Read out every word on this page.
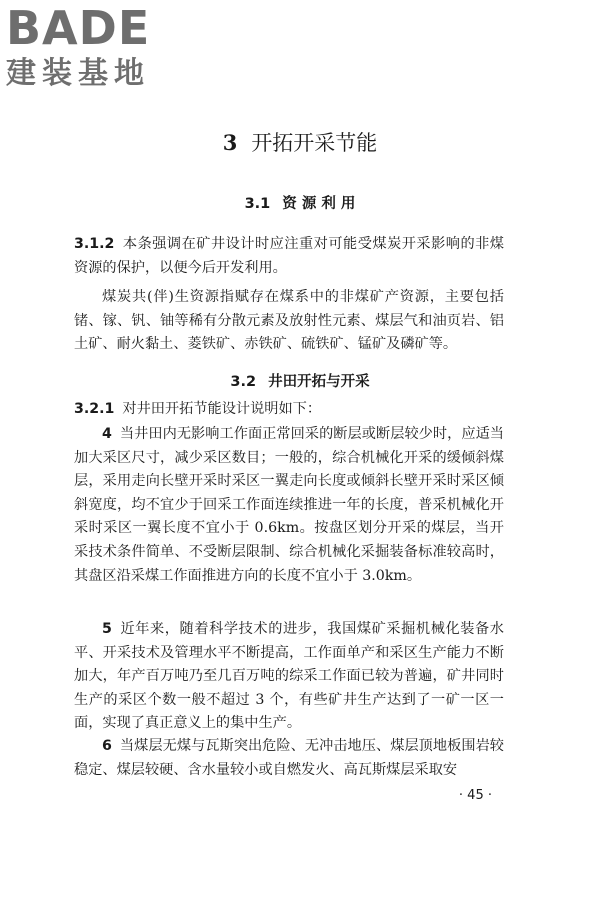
BADE
建装基地
3 开拓开采节能
3.1 资 源 利 用

3.1.2 本条强调在矿井设计时应注重对可能受煤炭开采影响的非煤资源的保护，以便今后开发利用。

煤炭共(伴)生资源指赋存在煤系中的非煤矿产资源，主要包括锗、镓、钒、铀等稀有分散元素及放射性元素、煤层气和油页岩、铝土矿、耐火黏土、菱铁矿、赤铁矿、硫铁矿、锰矿及磷矿等。

3.2 井田开拓与开采

3.2.1 对井田开拓节能设计说明如下：

4 当井田内无影响工作面正常回采的断层或断层较少时，应适当加大采区尺寸，减少采区数目；一般的，综合机械化开采的缓倾斜煤层，采用走向长壁开采时采区一翼走向长度或倾斜长壁开采时采区倾斜宽度，均不宜少于回采工作面连续推进一年的长度，普采机械化开采时采区一翼长度不宜小于 0.6km。按盘区划分开采的煤层，当开采技术条件简单、不受断层限制、综合机械化采掘装备标准较高时，其盘区沿采煤工作面推进方向的长度不宜小于 3.0km。

5 近年来，随着科学技术的进步，我国煤矿采掘机械化装备水平、开采技术及管理水平不断提高，工作面单产和采区生产能力不断加大，年产百万吨乃至几百万吨的综采工作面已较为普遍，矿井同时生产的采区个数一般不超过 3 个，有些矿井生产达到了一矿一区一面，实现了真正意义上的集中生产。

6 当煤层无煤与瓦斯突出危险、无冲击地压、煤层顶地板围岩较稳定、煤层较硬、含水量较小或自燃发火、高瓦斯煤层采取安

· 45 ·
